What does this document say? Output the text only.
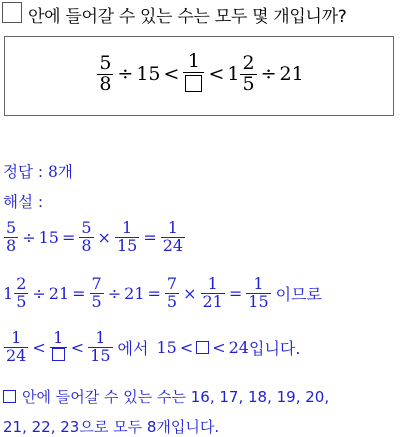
안에 들어갈 수 있는 수는 모두 몇 개입니까?
$\frac{5}{8} \div 15$ <
1
< $1 \frac{2}{5} \div 21$
정답 : 8개
해설 :
$\frac{5}{8} \div 15 = \frac{5}{8} \times \frac{1}{15} = \frac{1}{24}$
$1 \frac{2}{5} \div 21 = \frac{7}{5} \div 21 = \frac{7}{5} \times \frac{1}{21} = \frac{1}{15}$ 이므로
$\frac{1}{24}$ <
1
< $\frac{1}{15}$ 에서 15 < < 24 입니다.
안에 들어갈 수 있는 수는 16, 17, 18, 19, 20,
21, 22, 23으로 모두 8개입니다.
